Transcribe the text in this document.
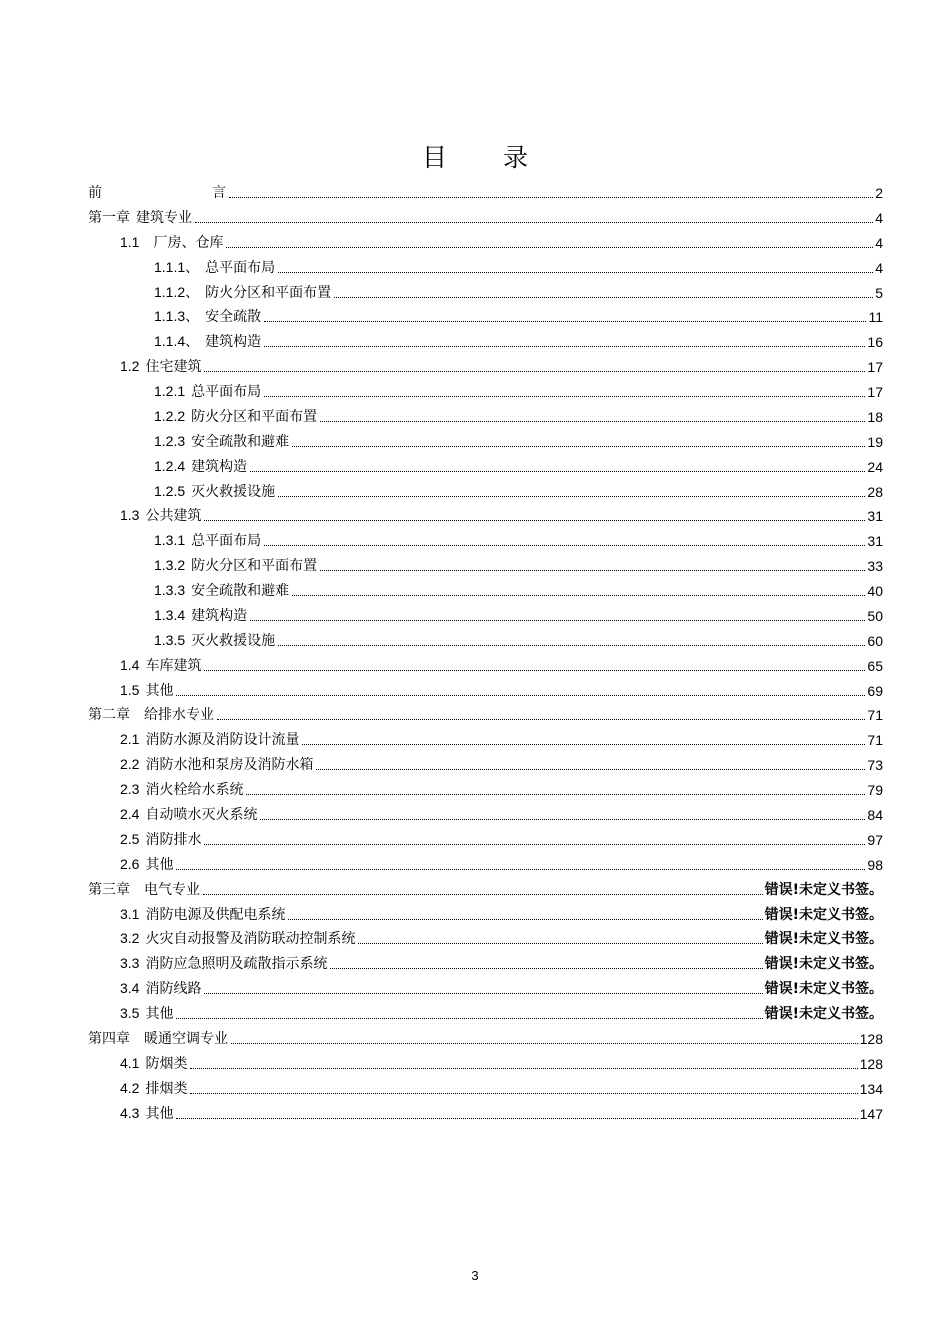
目 录
前	言	2
第一章 建筑专业	4
1.1 厂房、仓库	4
1.1.1、 总平面布局	4
1.1.2、 防火分区和平面布置	5
1.1.3、 安全疏散	11
1.1.4、 建筑构造	16
1.2 住宅建筑	17
1.2.1 总平面布局	17
1.2.2 防火分区和平面布置	18
1.2.3 安全疏散和避难	19
1.2.4 建筑构造	24
1.2.5 灭火救援设施	28
1.3 公共建筑	31
1.3.1 总平面布局	31
1.3.2 防火分区和平面布置	33
1.3.3 安全疏散和避难	40
1.3.4 建筑构造	50
1.3.5 灭火救援设施	60
1.4 车库建筑	65
1.5 其他	69
第二章 给排水专业	71
2.1 消防水源及消防设计流量	71
2.2 消防水池和泵房及消防水箱	73
2.3 消火栓给水系统	79
2.4 自动喷水灭火系统	84
2.5 消防排水	97
2.6 其他	98
第三章 电气专业	错误!未定义书签。
3.1 消防电源及供配电系统	错误!未定义书签。
3.2 火灾自动报警及消防联动控制系统	错误!未定义书签。
3.3 消防应急照明及疏散指示系统	错误!未定义书签。
3.4 消防线路	错误!未定义书签。
3.5 其他	错误!未定义书签。
第四章 暖通空调专业	128
4.1 防烟类	128
4.2 排烟类	134
4.3 其他	147
3
